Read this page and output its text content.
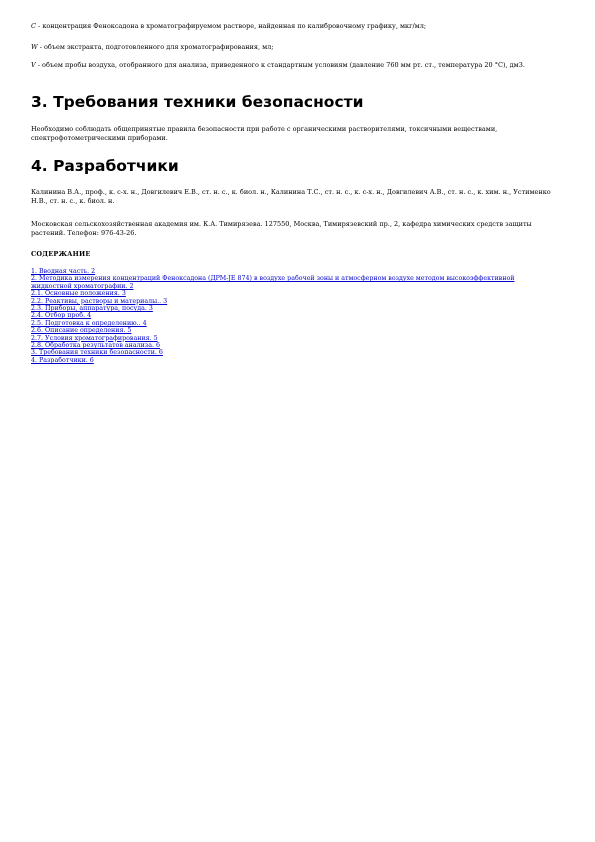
C - концентрация Феноксадона в хроматографируемом растворе, найденная по калибровочному графику, мкг/мл;
W - объем экстракта, подготовленного для хроматографирования, мл;
V - объем пробы воздуха, отобранного для анализа, приведенного к стандартным условиям (давление 760 мм рт. ст., температура 20 °С), дм3.
3. Требования техники безопасности
Необходимо соблюдать общепринятые правила безопасности при работе с органическими растворителями, токсичными веществами, спектрофотометрическими приборами.
4. Разработчики
Калинина В.А., проф., к. с-х. н., Довгилевич Е.В., ст. н. с., к. биол. н., Калинина Т.С., ст. н. с., к. с-х. н., Довгилевич А.В., ст. н. с., к. хим. н., Устименко Н.В., ст. н. с., к. биол. н.
Московская сельскохозяйственная академия им. К.А. Тимирязева. 127550, Москва, Тимирязевский пр., 2, кафедра химических средств защиты растений. Телефон: 976-43-26.
СОДЕРЖАНИЕ
1. Вводная часть. 2
2. Методика измерения концентраций Феноксадона (ДРМ-JE 874) в воздухе рабочей зоны и атмосферном воздухе методом высокоэффективной жидкостной хроматографии. 2
2.1. Основные положения. 3
2.2. Реактивы, растворы и материалы.. 3
2.3. Приборы, аппаратура, посуда. 3
2.4. Отбор проб. 4
2.5. Подготовка к определению.. 4
2.6. Описание определения. 5
2.7. Условия хроматографирования. 5
2.8. Обработка результатов анализа. 6
3. Требования техники безопасности. 6
4. Разработчики. 6
